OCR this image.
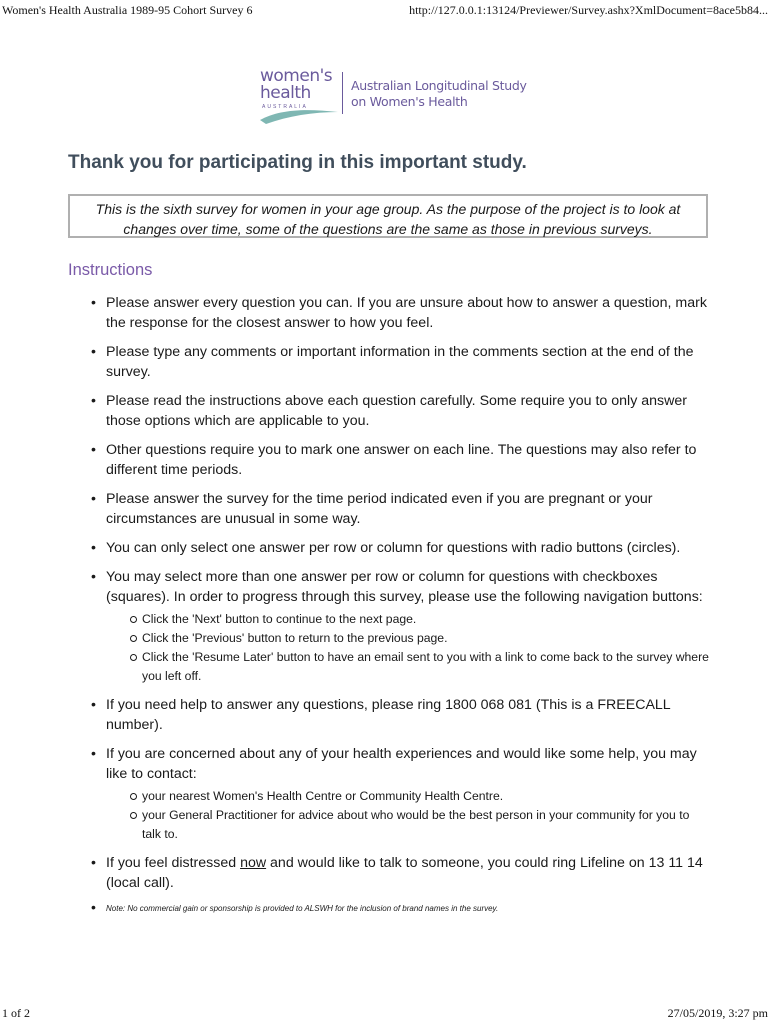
Women's Health Australia 1989-95 Cohort Survey 6	http://127.0.0.1:13124/Previewer/Survey.ashx?XmlDocument=8ace5b84...
women's
health
AUSTRALIA
Australian Longitudinal Study
on Women's Health
Thank you for participating in this important study.
This is the sixth survey for women in your age group. As the purpose of the project is to look at changes over time, some of the questions are the same as those in previous surveys.
Instructions
• Please answer every question you can. If you are unsure about how to answer a question, mark the response for the closest answer to how you feel.
• Please type any comments or important information in the comments section at the end of the survey.
• Please read the instructions above each question carefully. Some require you to only answer those options which are applicable to you.
• Other questions require you to mark one answer on each line. The questions may also refer to different time periods.
• Please answer the survey for the time period indicated even if you are pregnant or your circumstances are unusual in some way.
• You can only select one answer per row or column for questions with radio buttons (circles).
• You may select more than one answer per row or column for questions with checkboxes (squares). In order to progress through this survey, please use the following navigation buttons:
Click the 'Next' button to continue to the next page.
Click the 'Previous' button to return to the previous page.
Click the 'Resume Later' button to have an email sent to you with a link to come back to the survey where you left off.
• If you need help to answer any questions, please ring 1800 068 081 (This is a FREECALL number).
• If you are concerned about any of your health experiences and would like some help, you may like to contact:
your nearest Women's Health Centre or Community Health Centre.
your General Practitioner for advice about who would be the best person in your community for you to talk to.
• If you feel distressed now and would like to talk to someone, you could ring Lifeline on 13 11 14 (local call).
• Note: No commercial gain or sponsorship is provided to ALSWH for the inclusion of brand names in the survey.
1 of 2	27/05/2019, 3:27 pm
